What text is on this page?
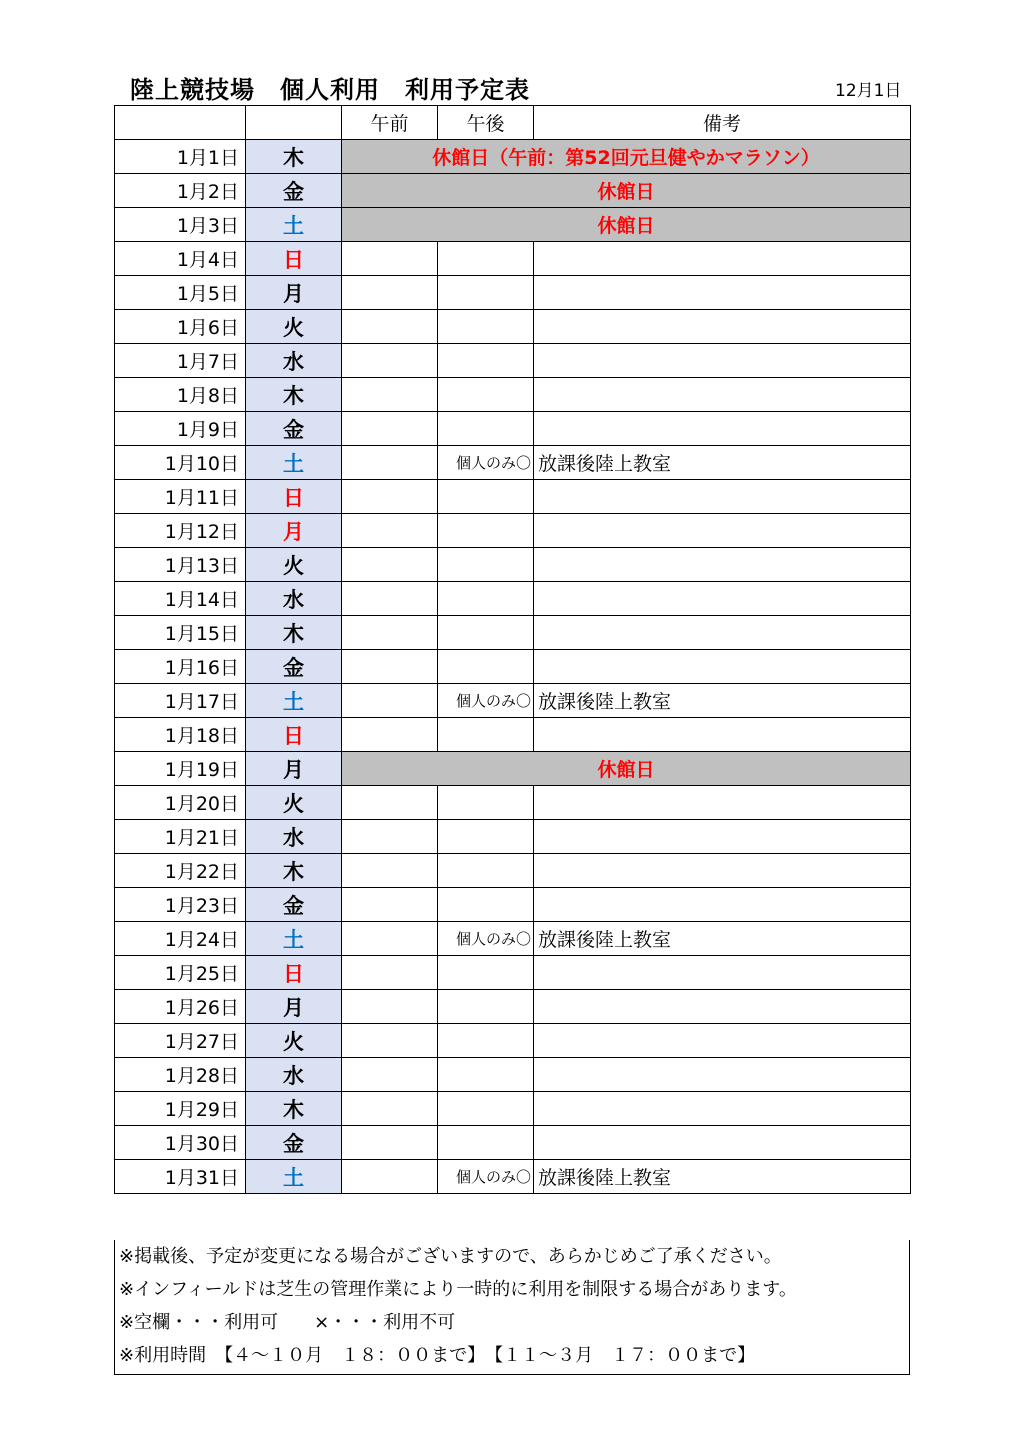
陸上競技場　個人利用　利用予定表	12月1日
		午前	午後	備考
1月1日	木	休館日（午前：第52回元旦健やかマラソン）		
1月2日	金	休館日		
1月3日	土	休館日		
1月4日	日			
1月5日	月			
1月6日	火			
1月7日	水			
1月8日	木			
1月9日	金			
1月10日	土		個人のみ〇	放課後陸上教室
1月11日	日			
1月12日	月			
1月13日	火			
1月14日	水			
1月15日	木			
1月16日	金			
1月17日	土		個人のみ〇	放課後陸上教室
1月18日	日			
1月19日	月	休館日		
1月20日	火			
1月21日	水			
1月22日	木			
1月23日	金			
1月24日	土		個人のみ〇	放課後陸上教室
1月25日	日			
1月26日	月			
1月27日	火			
1月28日	水			
1月29日	木			
1月30日	金			
1月31日	土		個人のみ〇	放課後陸上教室
※掲載後、予定が変更になる場合がございますので、あらかじめご了承ください。
※インフィールドは芝生の管理作業により一時的に利用を制限する場合があります。
※空欄・・・利用可　　×・・・利用不可
※利用時間　【４～１０月　１８：００まで】　【１１～３月　１７：００まで】
